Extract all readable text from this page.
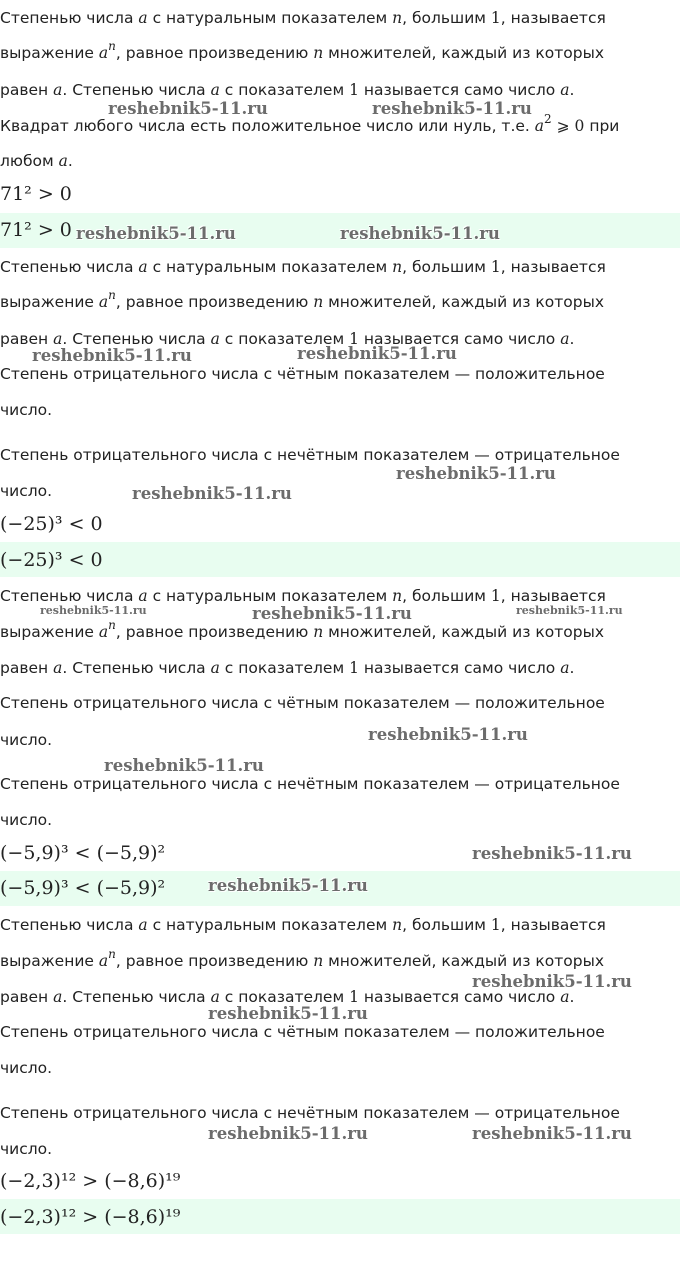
Степенью числа a с натуральным показателем n, большим 1, называется

выражение $a^n$, равное произведению n множителей, каждый из которых

равен a. Степенью числа a с показателем 1 называется само число a.

Квадрат любого числа есть положительное число или нуль, т.е. $a^2$ ⩾ 0 при

любом a.

71² > 0
71² > 0

Степенью числа a с натуральным показателем n, большим 1, называется

выражение $a^n$, равное произведению n множителей, каждый из которых

равен a. Степенью числа a с показателем 1 называется само число a.

Степень отрицательного числа с чётным показателем — положительное

число.

Степень отрицательного числа с нечётным показателем — отрицательное

число.

(−25)³ < 0
(−25)³ < 0

Степенью числа a с натуральным показателем n, большим 1, называется

выражение $a^n$, равное произведению n множителей, каждый из которых

равен a. Степенью числа a с показателем 1 называется само число a.

Степень отрицательного числа с чётным показателем — положительное

число.

Степень отрицательного числа с нечётным показателем — отрицательное

число.

(−5,9)³ < (−5,9)²
(−5,9)³ < (−5,9)²

Степенью числа a с натуральным показателем n, большим 1, называется

выражение $a^n$, равное произведению n множителей, каждый из которых

равен a. Степенью числа a с показателем 1 называется само число a.

Степень отрицательного числа с чётным показателем — положительное

число.

Степень отрицательного числа с нечётным показателем — отрицательное

число.

(−2,3)¹² > (−8,6)¹⁹
(−2,3)¹² > (−8,6)¹⁹
reshebnik5-11.ru	reshebnik5-11.ru
reshebnik5-11.ru	reshebnik5-11.ru
reshebnik5-11.ru	reshebnik5-11.ru
reshebnik5-11.ru
reshebnik5-11.ru
reshebnik5-11.ru	reshebnik5-11.ru	reshebnik5-11.ru
reshebnik5-11.ru
reshebnik5-11.ru
reshebnik5-11.ru
reshebnik5-11.ru
reshebnik5-11.ru
reshebnik5-11.ru
reshebnik5-11.ru	reshebnik5-11.ru
